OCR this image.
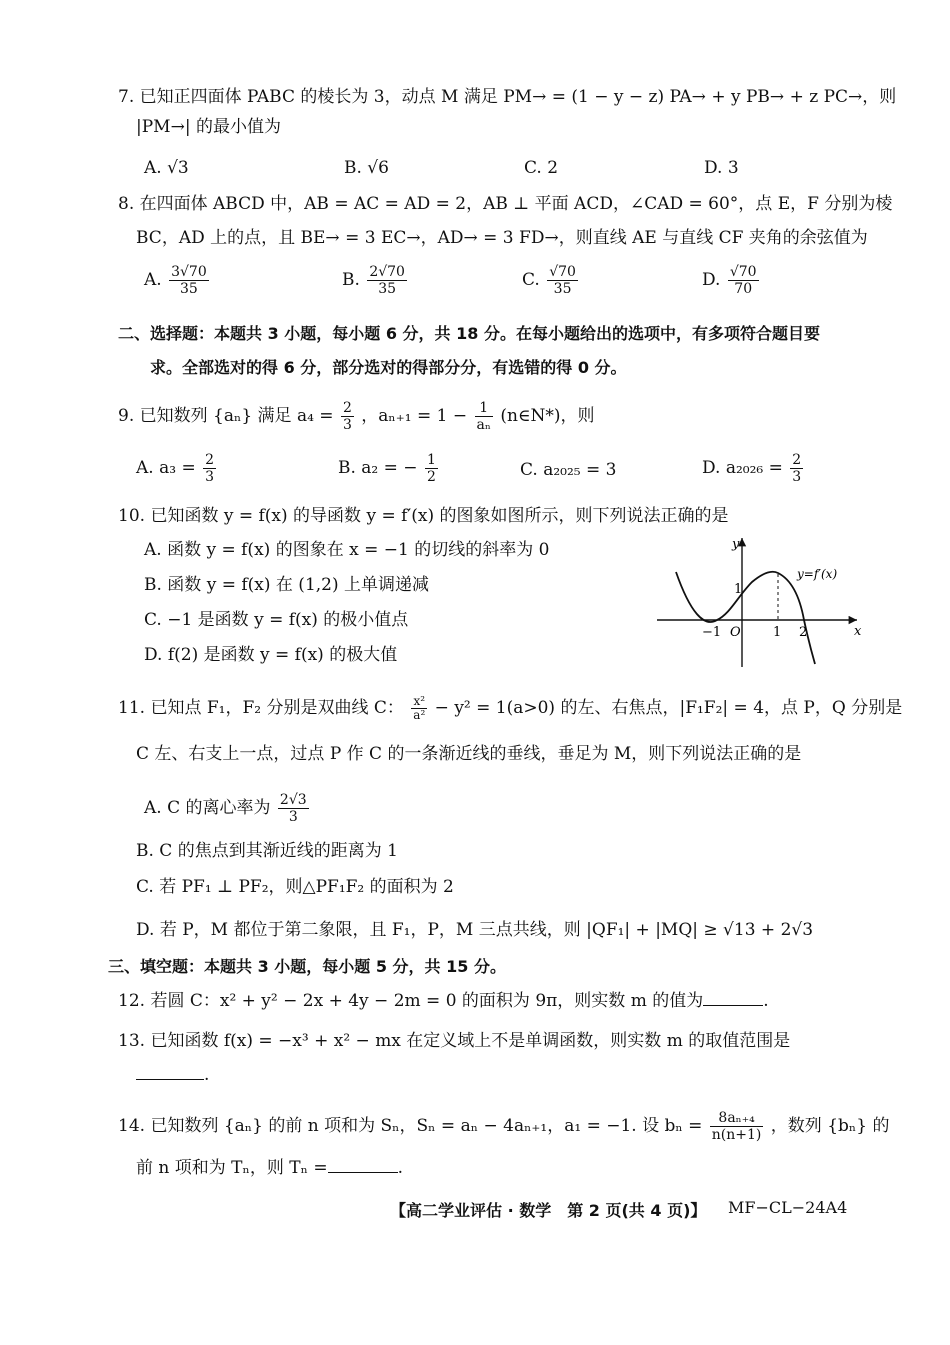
7. 已知正四面体 PABC 的棱长为 3，动点 M 满足 PM→ = (1 − y − z) PA→ + y PB→ + z PC→，则
|PM→| 的最小值为
A. √3	B. √6	C. 2	D. 3
8. 在四面体 ABCD 中，AB = AC = AD = 2，AB ⊥ 平面 ACD，∠CAD = 60°，点 E，F 分别为棱
BC，AD 上的点，且 BE→ = 3 EC→，AD→ = 3 FD→，则直线 AE 与直线 CF 夹角的余弦值为
A. $\frac{3√70}{35}$	B. $\frac{2√70}{35}$	C. $\frac{√70}{35}$	D. $\frac{√70}{70}$
二、选择题：本题共 3 小题，每小题 6 分，共 18 分。在每小题给出的选项中，有多项符合题目要
求。全部选对的得 6 分，部分选对的得部分分，有选错的得 0 分。
9. 已知数列 {aₙ} 满足 $a_4 = \frac{2}{3}$ ，$a_{n+1} = 1 - \frac{1}{\text{aₙ}}$ (n∈N*)，则
A. $a_3 = \frac{2}{3}$	B. a₂ = − $\frac{1}{2}$	C. a₂₀₂₅ = 3	D. $a_{2026} = \frac{2}{3}$
10. 已知函数 y = f(x) 的导函数 y = f′(x) 的图象如图所示，则下列说法正确的是
A. 函数 y = f(x) 的图象在 x = −1 的切线的斜率为 0
B. 函数 y = f(x) 在 (1,2) 上单调递减
C. −1 是函数 y = f(x) 的极小值点
D. f(2) 是函数 y = f(x) 的极大值
y
x
O
−1	1 2
1
y=f′(x)
11. 已知点 F₁，F₂ 分别是双曲线 C： $\frac{\text{x²}}{\text{a²}} - y^2 = 1(a>0)$ 的左、右焦点，|F₁F₂| = 4，点 P，Q 分别是
C 左、右支上一点，过点 P 作 C 的一条渐近线的垂线，垂足为 M，则下列说法正确的是
A. C 的离心率为 $\frac{2√3}{3}$
B. C 的焦点到其渐近线的距离为 1
C. 若 PF₁ ⊥ PF₂，则△PF₁F₂ 的面积为 2
D. 若 P，M 都位于第二象限，且 F₁，P，M 三点共线，则 |QF₁| + |MQ| ≥ √13 + 2√3
三、填空题：本题共 3 小题，每小题 5 分，共 15 分。
12. 若圆 C：x² + y² − 2x + 4y − 2m = 0 的面积为 9π，则实数 m 的值为	.
13. 已知函数 f(x) = −x³ + x² − mx 在定义域上不是单调函数，则实数 m 的取值范围是
.
14. 已知数列 {aₙ} 的前 n 项和为 Sₙ，Sₙ = aₙ − 4aₙ₊₁，a₁ = −1. 设 $b_n = \frac{\text{8aₙ₊₄}}{n(n+1)}$ ，数列 {bₙ} 的
前 n 项和为 Tₙ，则 Tₙ =	.
【高二学业评估 · 数学　第 2 页(共 4 页)】 MF−CL−24A4
